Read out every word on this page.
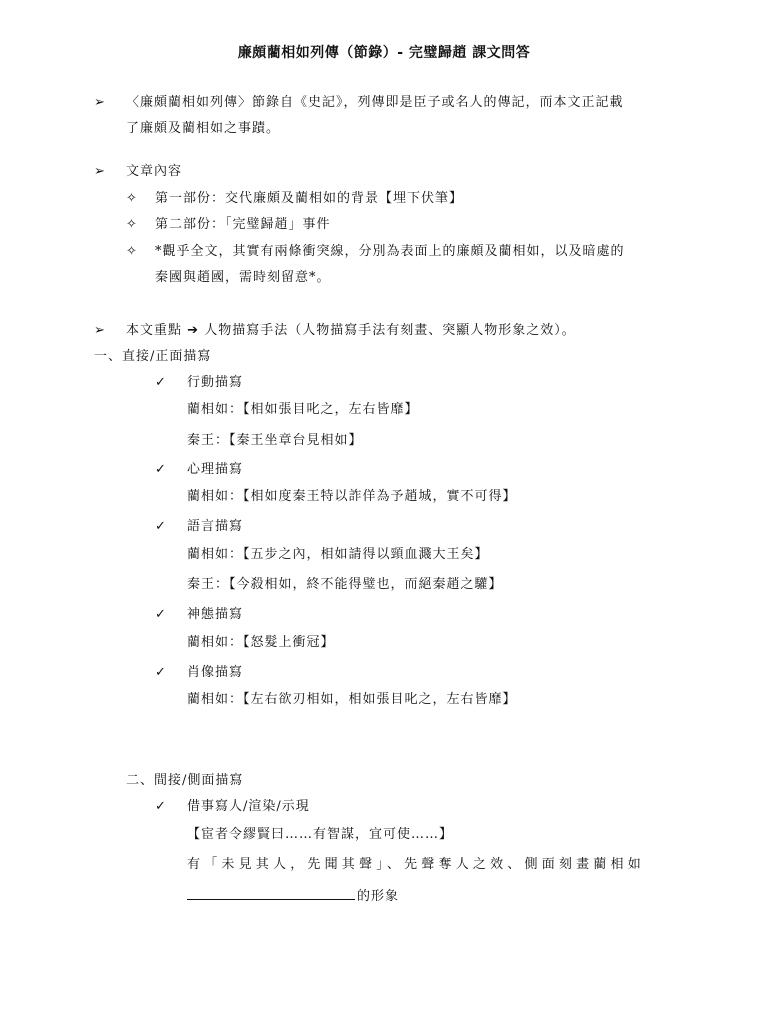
廉頗藺相如列傳（節錄）- 完璧歸趙 課文問答
➢ 〈廉頗藺相如列傳〉節錄自《史記》，列傳即是臣子或名人的傳記，而本文正記載
了廉頗及藺相如之事蹟。
➢ 文章內容
✧ 第一部份：交代廉頗及藺相如的背景【埋下伏筆】
✧ 第二部份：「完璧歸趙」事件
✧ *觀乎全文，其實有兩條衝突線，分別為表面上的廉頗及藺相如，以及暗處的
秦國與趙國，需時刻留意*。
➢ 本文重點 ➔ 人物描寫手法（人物描寫手法有刻畫、突顯人物形象之效）。
一、直接/正面描寫
✓ 行動描寫
藺相如：【相如張目叱之，左右皆靡】
秦王：【秦王坐章台見相如】
✓ 心理描寫
藺相如：【相如度秦王特以詐佯為予趙城，實不可得】
✓ 語言描寫
藺相如：【五步之內，相如請得以頸血濺大王矣】
秦王：【今殺相如，終不能得璧也，而絕秦趙之驩】
✓ 神態描寫
藺相如：【怒髮上衝冠】
✓ 肖像描寫
藺相如：【左右欲刃相如，相如張目叱之，左右皆靡】
二、間接/側面描寫
✓ 借事寫人/渲染/示現
【宦者令繆賢曰……有智謀，宜可使……】
有「未見其人，先聞其聲」、先聲奪人之效、側面刻畫藺相如
的形象
